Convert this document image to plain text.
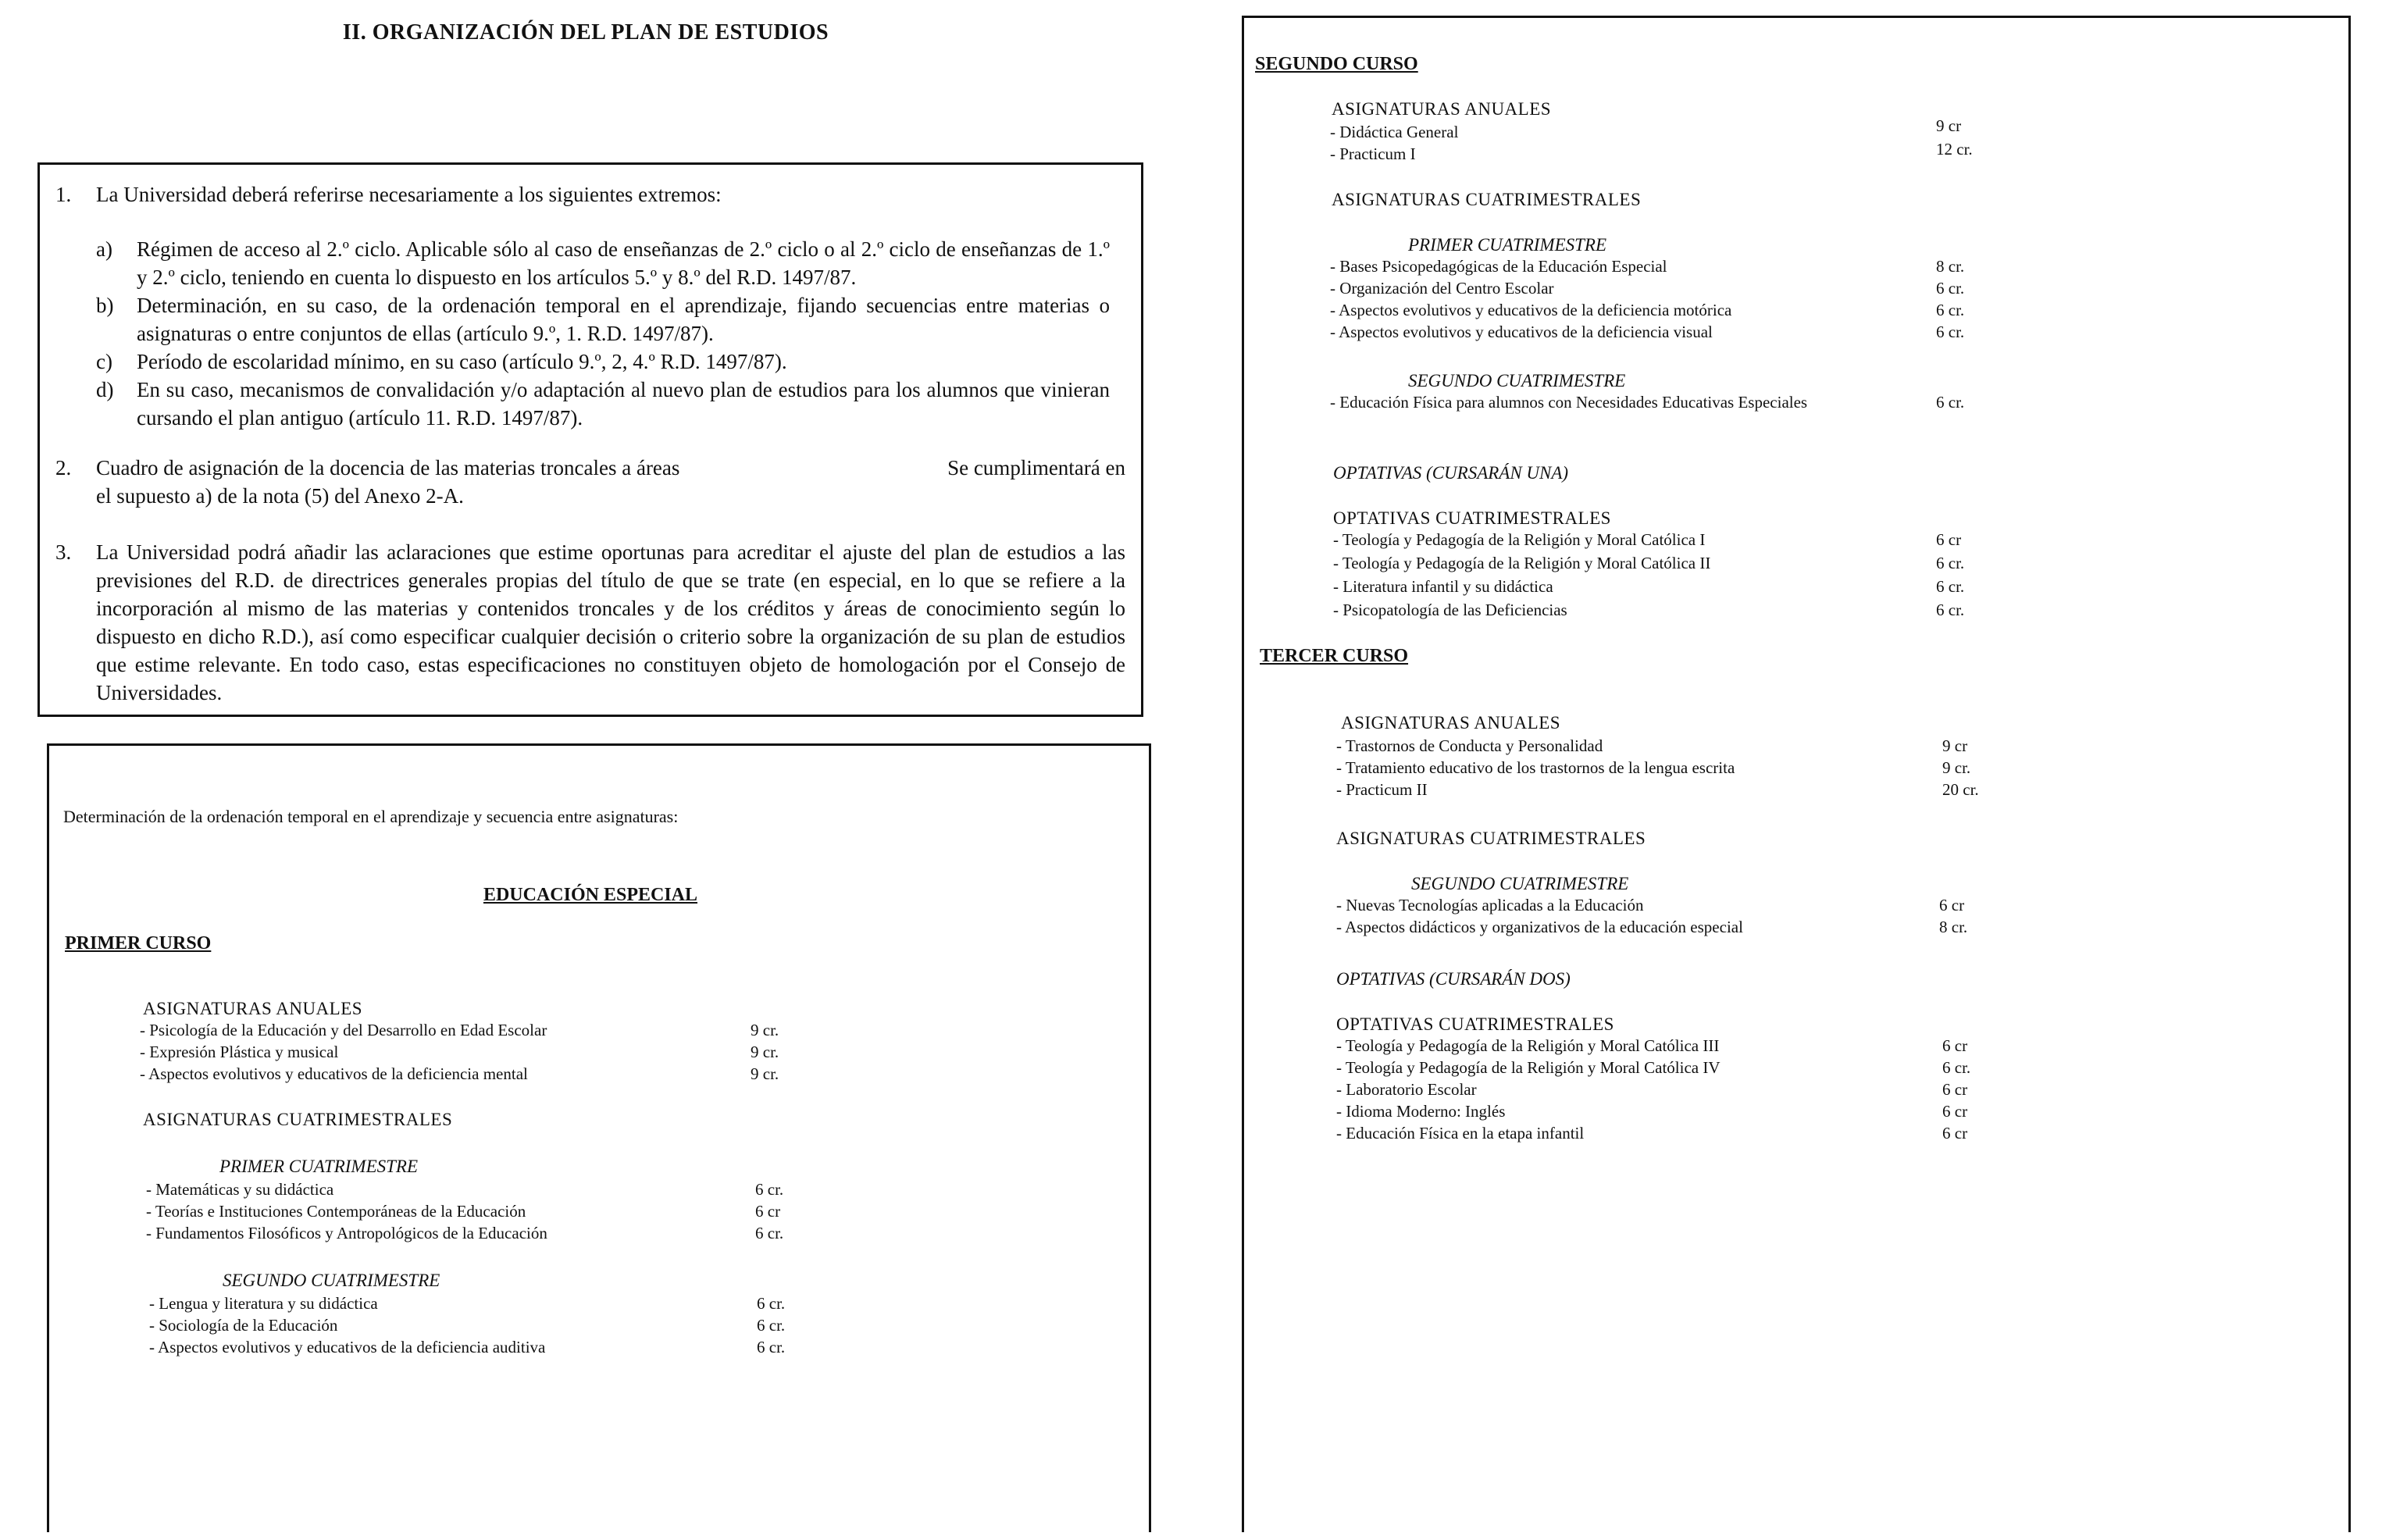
II. ORGANIZACIÓN DEL PLAN DE ESTUDIOS
1.	La Universidad deberá referirse necesariamente a los siguientes extremos:
a)	Régimen de acceso al 2.º ciclo. Aplicable sólo al caso de enseñanzas de 2.º ciclo o al 2.º ciclo de enseñanzas de 1.º y 2.º ciclo, teniendo en cuenta lo dispuesto en los artículos 5.º y 8.º del R.D. 1497/87.
b)	Determinación, en su caso, de la ordenación temporal en el aprendizaje, fijando secuencias entre materias o asignaturas o entre conjuntos de ellas (artículo 9.º, 1. R.D. 1497/87).
c)	Período de escolaridad mínimo, en su caso (artículo 9.º, 2, 4.º R.D. 1497/87).
d)	En su caso, mecanismos de convalidación y/o adaptación al nuevo plan de estudios para los alumnos que vinieran cursando el plan antiguo (artículo 11. R.D. 1497/87).
2.	Cuadro de asignación de la docencia de las materias troncales a áreas	Se cumplimentará en
el supuesto a) de la nota (5) del Anexo 2-A.
3.	La Universidad podrá añadir las aclaraciones que estime oportunas para acreditar el ajuste del plan de estudios a las previsiones del R.D. de directrices generales propias del título de que se trate (en especial, en lo que se refiere a la incorporación al mismo de las materias y contenidos troncales y de los créditos y áreas de conocimiento según lo dispuesto en dicho R.D.), así como especificar cualquier decisión o criterio sobre la organización de su plan de estudios que estime relevante. En todo caso, estas especificaciones no constituyen objeto de homologación por el Consejo de Universidades.
Determinación de la ordenación temporal en el aprendizaje y secuencia entre asignaturas:
EDUCACIÓN ESPECIAL
PRIMER CURSO
ASIGNATURAS ANUALES
- Psicología de la Educación y del Desarrollo en Edad Escolar	9 cr.
- Expresión Plástica y musical	9 cr.
- Aspectos evolutivos y educativos de la deficiencia mental	9 cr.
ASIGNATURAS CUATRIMESTRALES
PRIMER CUATRIMESTRE
- Matemáticas y su didáctica	6 cr.
- Teorías e Instituciones Contemporáneas de la Educación	6 cr
- Fundamentos Filosóficos y Antropológicos de la Educación	6 cr.
SEGUNDO CUATRIMESTRE
- Lengua y literatura y su didáctica	6 cr.
- Sociología de la Educación	6 cr.
- Aspectos evolutivos y educativos de la deficiencia auditiva	6 cr.
SEGUNDO CURSO
ASIGNATURAS ANUALES
- Didáctica General	9 cr
- Practicum I	12 cr.
ASIGNATURAS CUATRIMESTRALES
PRIMER CUATRIMESTRE
- Bases Psicopedagógicas de la Educación Especial	8 cr.
- Organización del Centro Escolar	6 cr.
- Aspectos evolutivos y educativos de la deficiencia motórica	6 cr.
- Aspectos evolutivos y educativos de la deficiencia visual	6 cr.
SEGUNDO CUATRIMESTRE
- Educación Física para alumnos con Necesidades Educativas Especiales	6 cr.
OPTATIVAS (CURSARÁN UNA)
OPTATIVAS CUATRIMESTRALES
- Teología y Pedagogía de la Religión y Moral Católica I	6 cr
- Teología y Pedagogía de la Religión y Moral Católica II	6 cr.
- Literatura infantil y su didáctica	6 cr.
- Psicopatología de las Deficiencias	6 cr.
TERCER CURSO
ASIGNATURAS ANUALES
- Trastornos de Conducta y Personalidad	9 cr
- Tratamiento educativo de los trastornos de la lengua escrita	9 cr.
- Practicum II	20 cr.
ASIGNATURAS CUATRIMESTRALES
SEGUNDO CUATRIMESTRE
- Nuevas Tecnologías aplicadas a la Educación	6 cr
- Aspectos didácticos y organizativos de la educación especial	8 cr.
OPTATIVAS (CURSARÁN DOS)
OPTATIVAS CUATRIMESTRALES
- Teología y Pedagogía de la Religión y Moral Católica III	6 cr
- Teología y Pedagogía de la Religión y Moral Católica IV	6 cr.
- Laboratorio Escolar	6 cr
- Idioma Moderno: Inglés	6 cr
- Educación Física en la etapa infantil	6 cr
